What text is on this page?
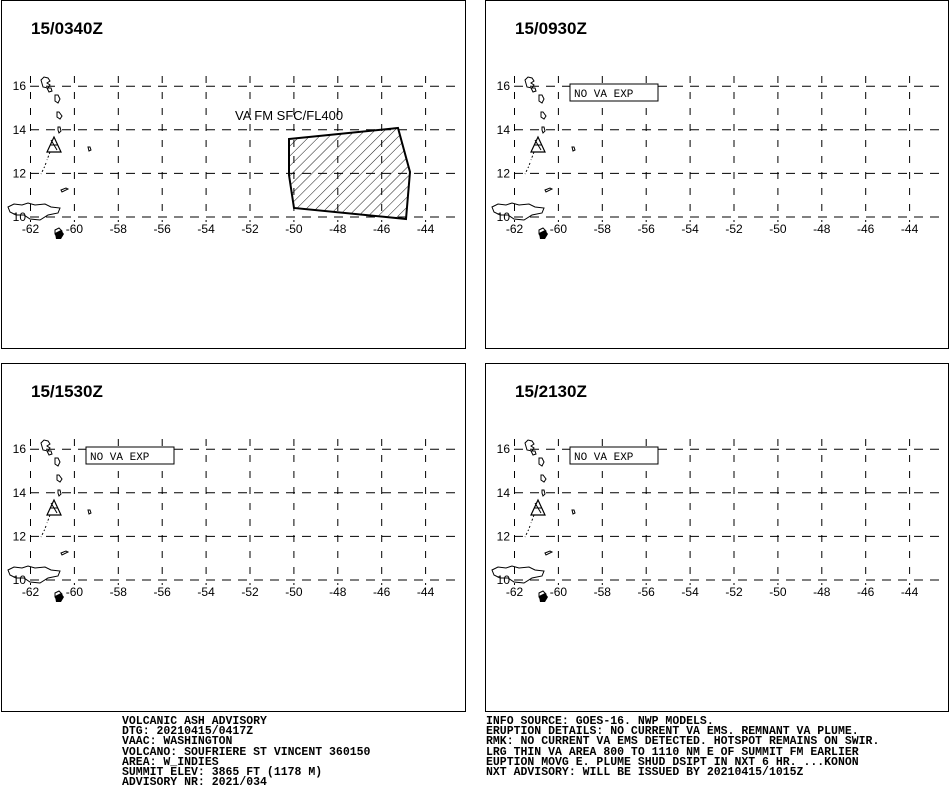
-62 -60 -58 -56 -54 -52 -50 -48 -46 -44
16
14
12
10
15/0340Z
VA FM SFC/FL400
-62 -60 -58 -56 -54 -52 -50 -48 -46 -44
16
14
12
10
15/0930Z
NO VA EXP
-62 -60 -58 -56 -54 -52 -50 -48 -46 -44
16
14
12
10
15/1530Z
NO VA EXP
-62 -60 -58 -56 -54 -52 -50 -48 -46 -44
16
14
12
10
15/2130Z
NO VA EXP
VOLCANIC ASH ADVISORY
DTG: 20210415/0417Z
VAAC: WASHINGTON
VOLCANO: SOUFRIERE ST VINCENT 360150
AREA: W_INDIES
SUMMIT ELEV: 3865 FT (1178 M)
ADVISORY NR: 2021/034
INFO SOURCE: GOES-16. NWP MODELS.
ERUPTION DETAILS: NO CURRENT VA EMS. REMNANT VA PLUME.
RMK: NO CURRENT VA EMS DETECTED. HOTSPOT REMAINS ON SWIR.
LRG THIN VA AREA 800 TO 1110 NM E OF SUMMIT FM EARLIER
EUPTION MOVG E. PLUME SHUD DSIPT IN NXT 6 HR. ...KONON
NXT ADVISORY: WILL BE ISSUED BY 20210415/1015Z
